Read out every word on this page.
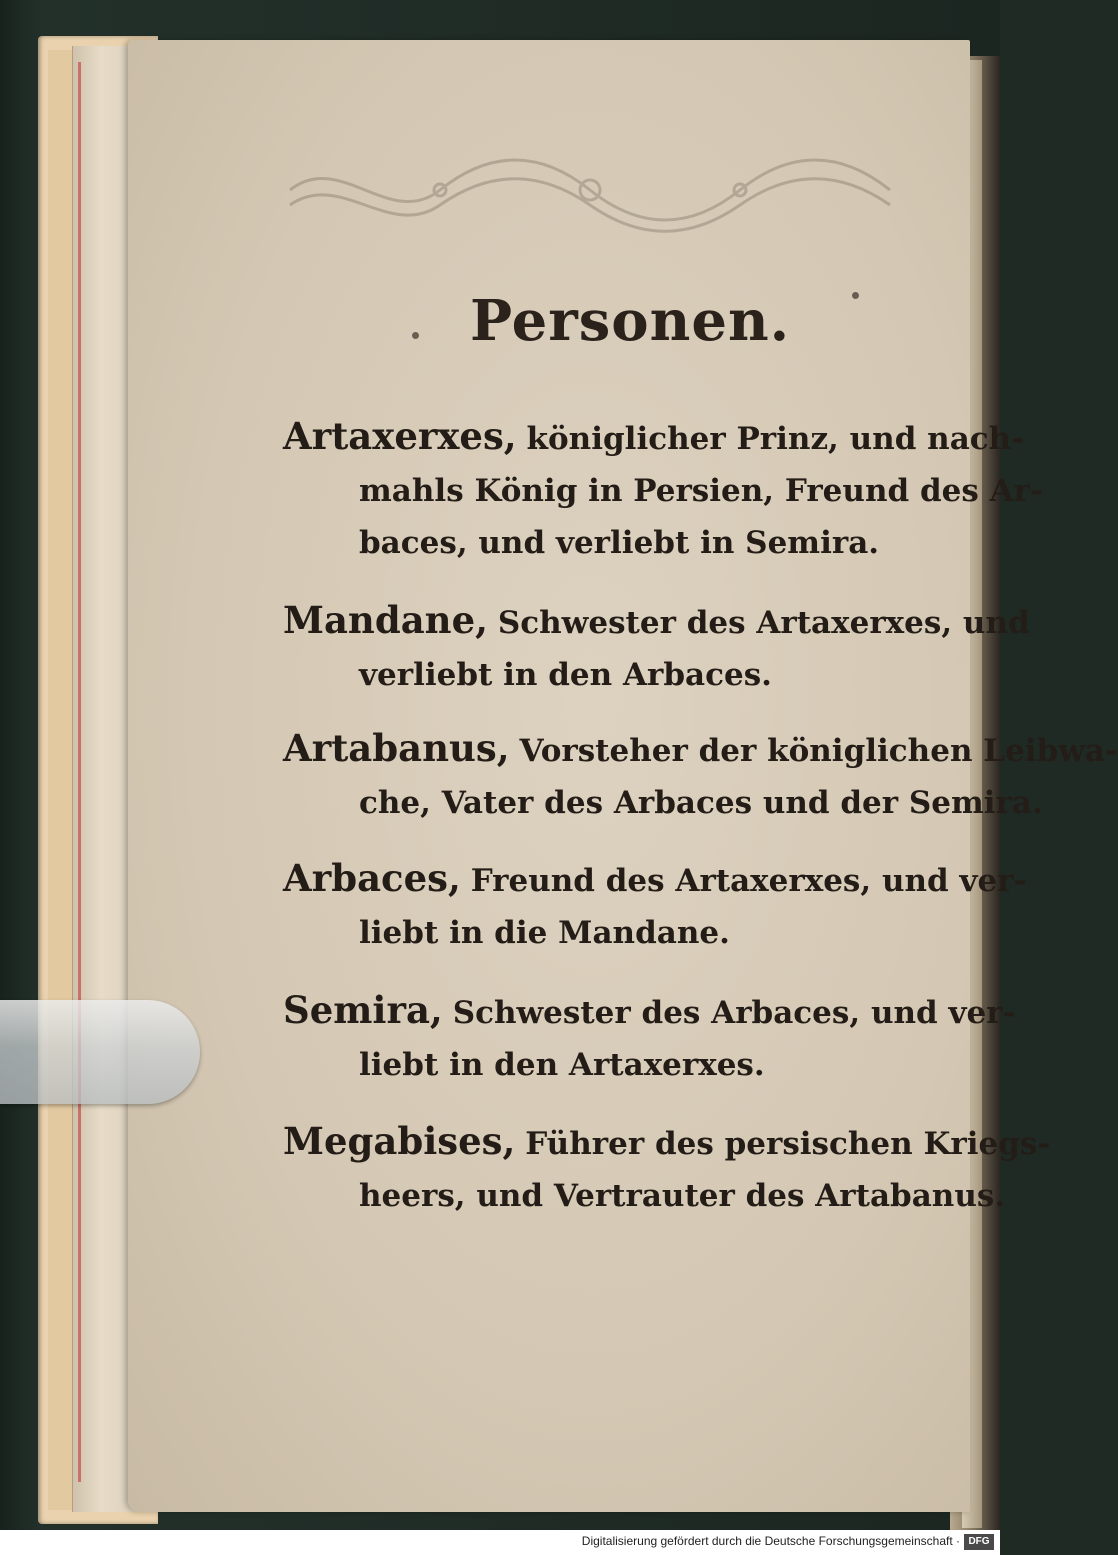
Personen.
Artaxerxes, königlicher Prinz, und nach-
mahls König in Persien, Freund des Ar-
baces, und verliebt in Semira.
Mandane, Schwester des Artaxerxes, und
verliebt in den Arbaces.
Artabanus, Vorsteher der königlichen Leibwa-
che, Vater des Arbaces und der Semira.
Arbaces, Freund des Artaxerxes, und ver-
liebt in die Mandane.
Semira, Schwester des Arbaces, und ver-
liebt in den Artaxerxes.
Megabises, Führer des persischen Kriegs-
heers, und Vertrauter des Artabanus.
Digitalisierung gefördert durch die Deutsche Forschungsgemeinschaft · DFG
